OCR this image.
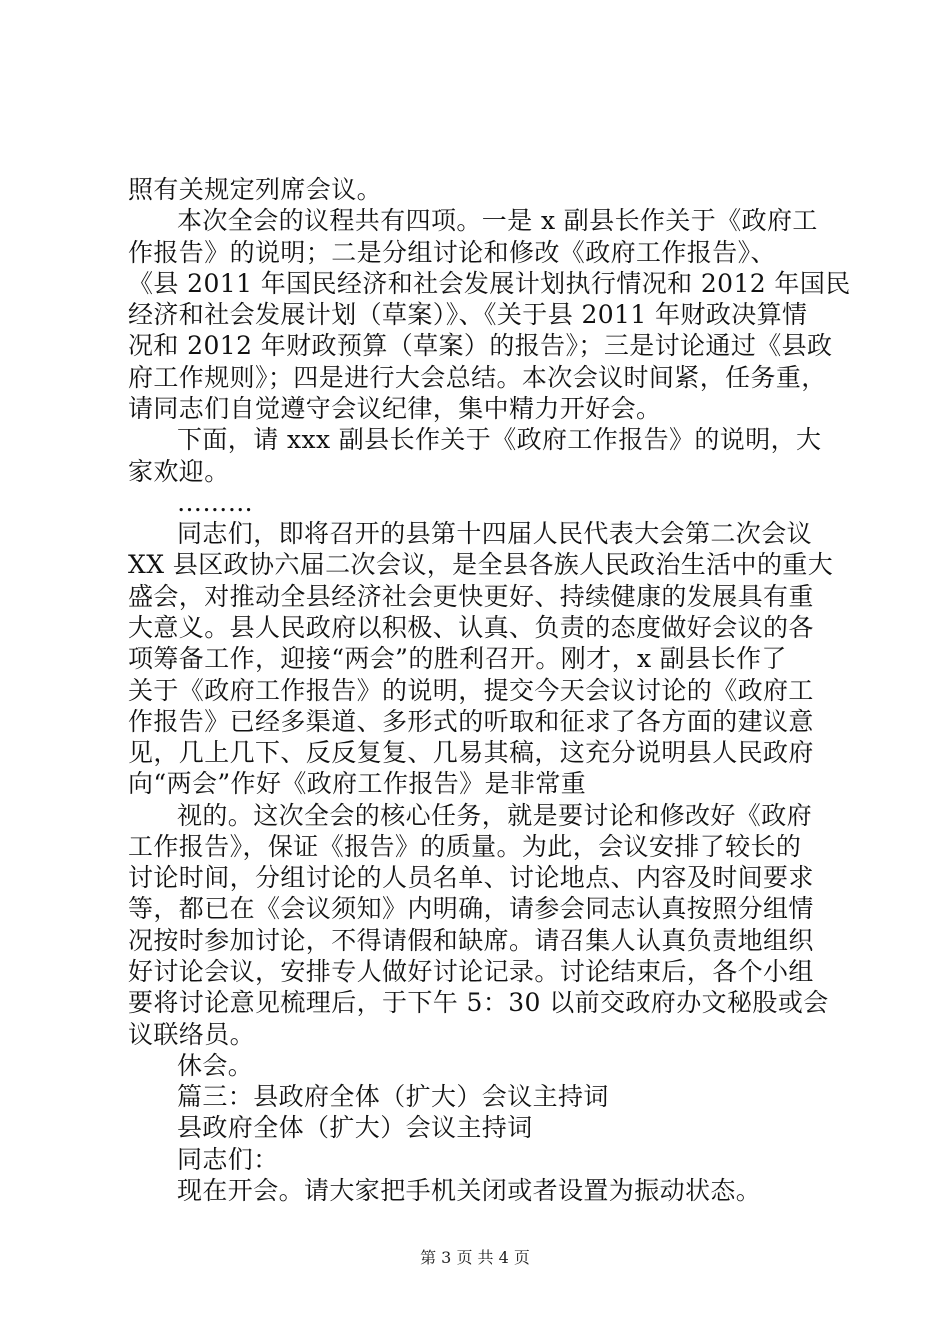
照有关规定列席会议。
本次全会的议程共有四项。一是 x 副县长作关于《政府工
作报告》的说明；二是分组讨论和修改《政府工作报告》、
《县 2011 年国民经济和社会发展计划执行情况和 2012 年国民
经济和社会发展计划（草案）》、《关于县 2011 年财政决算情
况和 2012 年财政预算（草案）的报告》；三是讨论通过《县政
府工作规则》；四是进行大会总结。本次会议时间紧，任务重，
请同志们自觉遵守会议纪律，集中精力开好会。
下面，请 xxx 副县长作关于《政府工作报告》的说明，大
家欢迎。
………
同志们，即将召开的县第十四届人民代表大会第二次会议
XX 县区政协六届二次会议，是全县各族人民政治生活中的重大
盛会，对推动全县经济社会更快更好、持续健康的发展具有重
大意义。县人民政府以积极、认真、负责的态度做好会议的各
项筹备工作，迎接“两会”的胜利召开。刚才，x 副县长作了
关于《政府工作报告》的说明，提交今天会议讨论的《政府工
作报告》已经多渠道、多形式的听取和征求了各方面的建议意
见，几上几下、反反复复、几易其稿，这充分说明县人民政府
向“两会”作好《政府工作报告》是非常重
视的。这次全会的核心任务，就是要讨论和修改好《政府
工作报告》，保证《报告》的质量。为此，会议安排了较长的
讨论时间，分组讨论的人员名单、讨论地点、内容及时间要求
等，都已在《会议须知》内明确，请参会同志认真按照分组情
况按时参加讨论，不得请假和缺席。请召集人认真负责地组织
好讨论会议，安排专人做好讨论记录。讨论结束后，各个小组
要将讨论意见梳理后，于下午 5：30 以前交政府办文秘股或会
议联络员。
休会。
篇三：县政府全体（扩大）会议主持词
县政府全体（扩大）会议主持词
同志们：
现在开会。请大家把手机关闭或者设置为振动状态。
第 3 页 共 4 页
